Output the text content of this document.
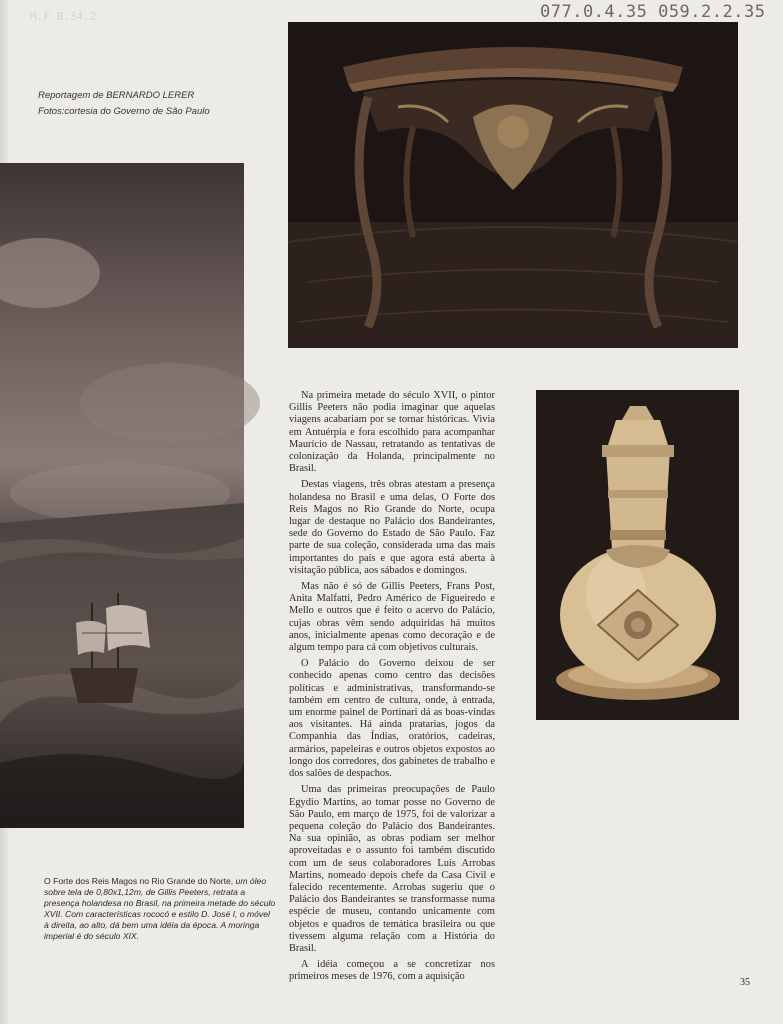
M.F.B.34.2	077.0.4.35 059.2.2.35
Reportagem de BERNARDO LERER
Fotos:cortesia do Governo de São Paulo

Na primeira metade do século XVII, o pintor Gillis Peeters não podia imaginar que aquelas viagens acabariam por se tornar históricas. Vivia em Antuérpia e fora escolhido para acompanhar Maurício de Nassau, retratando as tentativas de colonização da Holanda, principalmente no Brasil.

Destas viagens, três obras atestam a presença holandesa no Brasil e uma delas, O Forte dos Reis Magos no Rio Grande do Norte, ocupa lugar de destaque no Palácio dos Bandeirantes, sede do Governo do Estado de São Paulo. Faz parte de sua coleção, considerada uma das mais importantes do país e que agora está aberta à visitação pública, aos sábados e domingos.

Mas não é só de Gillis Peeters, Frans Post, Anita Malfatti, Pedro Américo de Figueiredo e Mello e outros que é feito o acervo do Palácio, cujas obras vêm sendo adquiridas há muitos anos, inicialmente apenas como decoração e de algum tempo para cá com objetivos culturais.

O Palácio do Governo deixou de ser conhecido apenas como centro das decisões políticas e administrativas, transformando-se também em centro de cultura, onde, à entrada, um enorme painel de Portinari dá as boas-vindas aos visitantes. Há ainda pratarias, jogos da Companhia das Índias, oratórios, cadeiras, armários, papeleiras e outros objetos expostos ao longo dos corredores, dos gabinetes de trabalho e dos salões de despachos.

Uma das primeiras preocupações de Paulo Egydio Martins, ao tomar posse no Governo de São Paulo, em março de 1975, foi de valorizar a pequena coleção do Palácio dos Bandeirantes. Na sua opinião, as obras podiam ser melhor aproveitadas e o assunto foi também discutido com um de seus colaboradores Luís Arrobas Martins, nomeado depois chefe da Casa Civil e falecido recentemente. Arrobas sugeriu que o Palácio dos Bandeirantes se transformasse numa espécie de museu, contando unicamente com objetos e quadros de temática brasileira ou que tivessem alguma relação com a História do Brasil.

A idéia começou a se concretizar nos primeiros meses de 1976, com a aquisição

O Forte dos Reis Magos no Rio Grande do Norte, um óleo sobre tela de 0,80x1,12m, de Gillis Peeters, retrata a presença holandesa no Brasil, na primeira metade do século XVII. Com características rococó e estilo D. José I, o móvel à direita, ao alto, dá bem uma idéia da época. A moringa imperial é do século XIX.
35
